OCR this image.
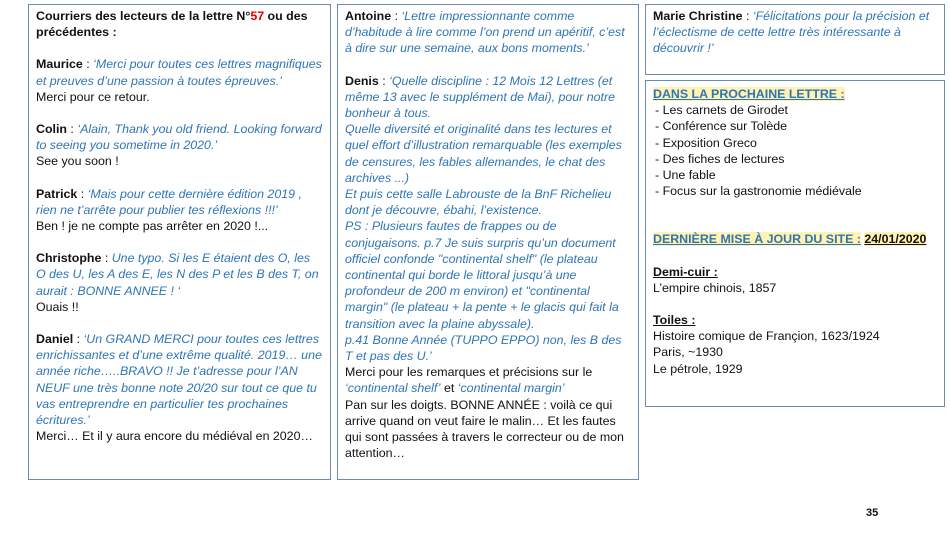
Courriers des lecteurs de la lettre N°57 ou des précédentes :

Maurice : ‘Merci pour toutes ces lettres magnifiques et preuves d’une passion à toutes épreuves.’

Merci pour ce retour.

Colin : ‘Alain, Thank you old friend. Looking forward to seeing you sometime in 2020.’

See you soon !

Patrick : ‘Mais pour cette dernière édition 2019 , rien ne t’arrête pour publier tes réflexions !!!’

Ben ! je ne compte pas arrêter en 2020 !...

Christophe : Une typo. Si les E étaient des O, les O des U, les A des E, les N des P et les B des T, on aurait : BONNE ANNEE ! ‘

Ouais !!

Daniel : ‘Un GRAND MERCI pour toutes ces lettres enrichissantes et d’une extrême qualité. 2019… une année riche…..BRAVO !! Je t’adresse pour l’AN NEUF une très bonne note 20/20 sur tout ce que tu vas entreprendre en particulier tes prochaines écritures.’

Merci… Et il y aura encore du médiéval en 2020…

Antoine : ‘Lettre impressionnante comme d’habitude à lire comme l’on prend un apéritif, c’est à dire sur une semaine, aux bons moments.’

Denis : ‘Quelle discipline : 12 Mois 12 Lettres (et même 13 avec le supplément de Mai), pour notre bonheur à tous.

Quelle diversité et originalité dans tes lectures et quel effort d’illustration remarquable (les exemples de censures, les fables allemandes, le chat des archives ...)

Et puis cette salle Labrouste de la BnF Richelieu dont je découvre, ébahi, l’existence.

PS : Plusieurs fautes de frappes ou de conjugaisons. p.7 Je suis surpris qu’un document officiel confonde "continental shelf" (le plateau continental qui borde le littoral jusqu’à une profondeur de 200 m environ) et "continental margin" (le plateau + la pente + le glacis qui fait la transition avec la plaine abyssale).

p.41 Bonne Année (TUPPO EPPO) non, les B des T et pas des U.’

Merci pour les remarques et précisions sur le ‘continental shelf’ et ‘continental margin’

Pan sur les doigts. BONNE ANNÉE : voilà ce qui arrive quand on veut faire le malin… Et les fautes qui sont passées à travers le correcteur ou de mon attention…

Marie Christine : ‘Félicitations pour la précision et l’éclectisme de cette lettre très intéressante à découvrir !’

DANS LA PROCHAINE LETTRE :

- Les carnets de Girodet
- Conférence sur Tolède
- Exposition Greco
- Des fiches de lectures
- Une fable
- Focus sur la gastronomie médiévale

DERNIÈRE MISE À JOUR DU SITE : 24/01/2020

Demi-cuir :

L’empire chinois, 1857

Toiles :

Histoire comique de Françion, 1623/1924

Paris, ~1930

Le pétrole, 1929

35
